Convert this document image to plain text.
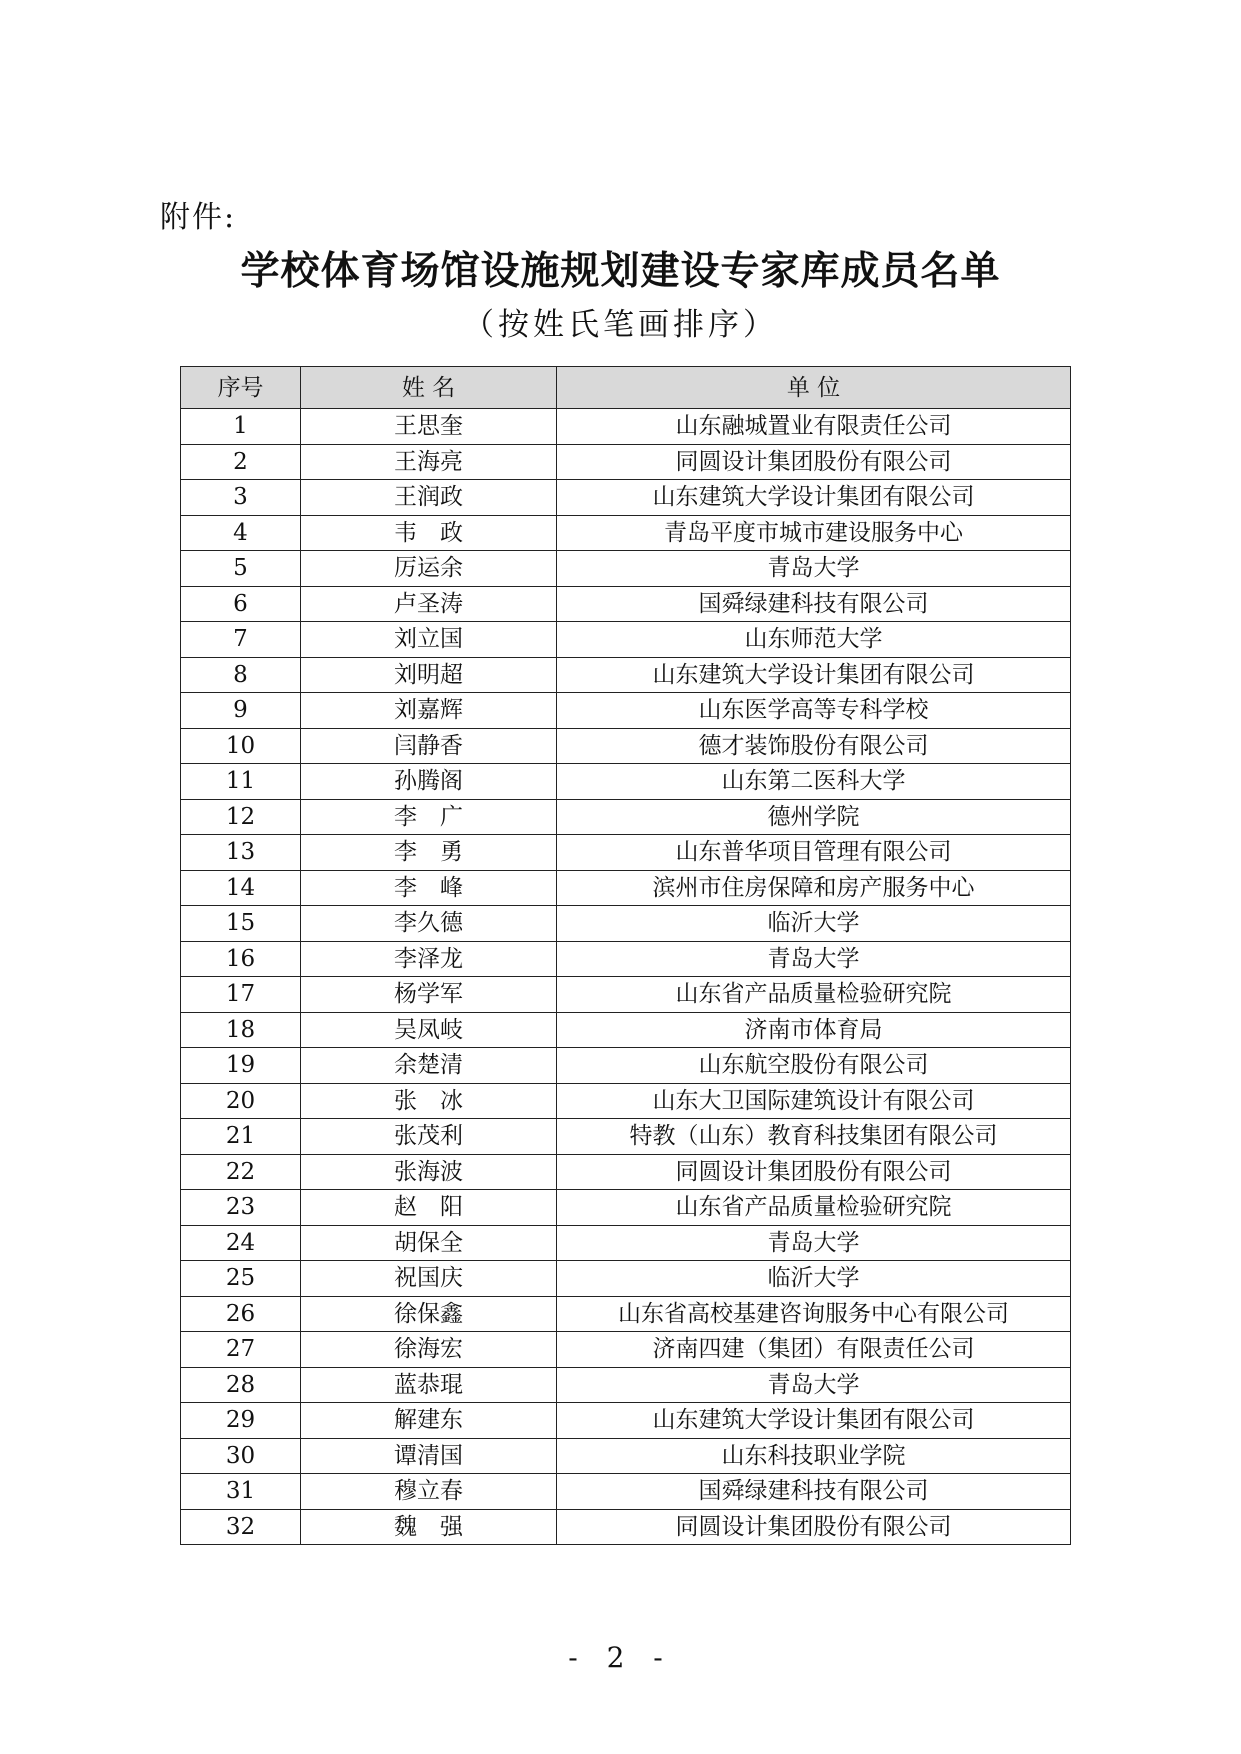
附件:
学校体育场馆设施规划建设专家库成员名单
（按姓氏笔画排序）
序号	姓 名	单 位
1	王思奎	山东融城置业有限责任公司
2	王海亮	同圆设计集团股份有限公司
3	王润政	山东建筑大学设计集团有限公司
4	韦　政	青岛平度市城市建设服务中心
5	厉运余	青岛大学
6	卢圣涛	国舜绿建科技有限公司
7	刘立国	山东师范大学
8	刘明超	山东建筑大学设计集团有限公司
9	刘嘉辉	山东医学高等专科学校
10	闫静香	德才装饰股份有限公司
11	孙腾阁	山东第二医科大学
12	李　广	德州学院
13	李　勇	山东普华项目管理有限公司
14	李　峰	滨州市住房保障和房产服务中心
15	李久德	临沂大学
16	李泽龙	青岛大学
17	杨学军	山东省产品质量检验研究院
18	吴凤岐	济南市体育局
19	余楚清	山东航空股份有限公司
20	张　冰	山东大卫国际建筑设计有限公司
21	张茂利	特教（山东）教育科技集团有限公司
22	张海波	同圆设计集团股份有限公司
23	赵　阳	山东省产品质量检验研究院
24	胡保全	青岛大学
25	祝国庆	临沂大学
26	徐保鑫	山东省高校基建咨询服务中心有限公司
27	徐海宏	济南四建（集团）有限责任公司
28	蓝恭琨	青岛大学
29	解建东	山东建筑大学设计集团有限公司
30	谭清国	山东科技职业学院
31	穆立春	国舜绿建科技有限公司
32	魏　强	同圆设计集团股份有限公司
- 2 -
